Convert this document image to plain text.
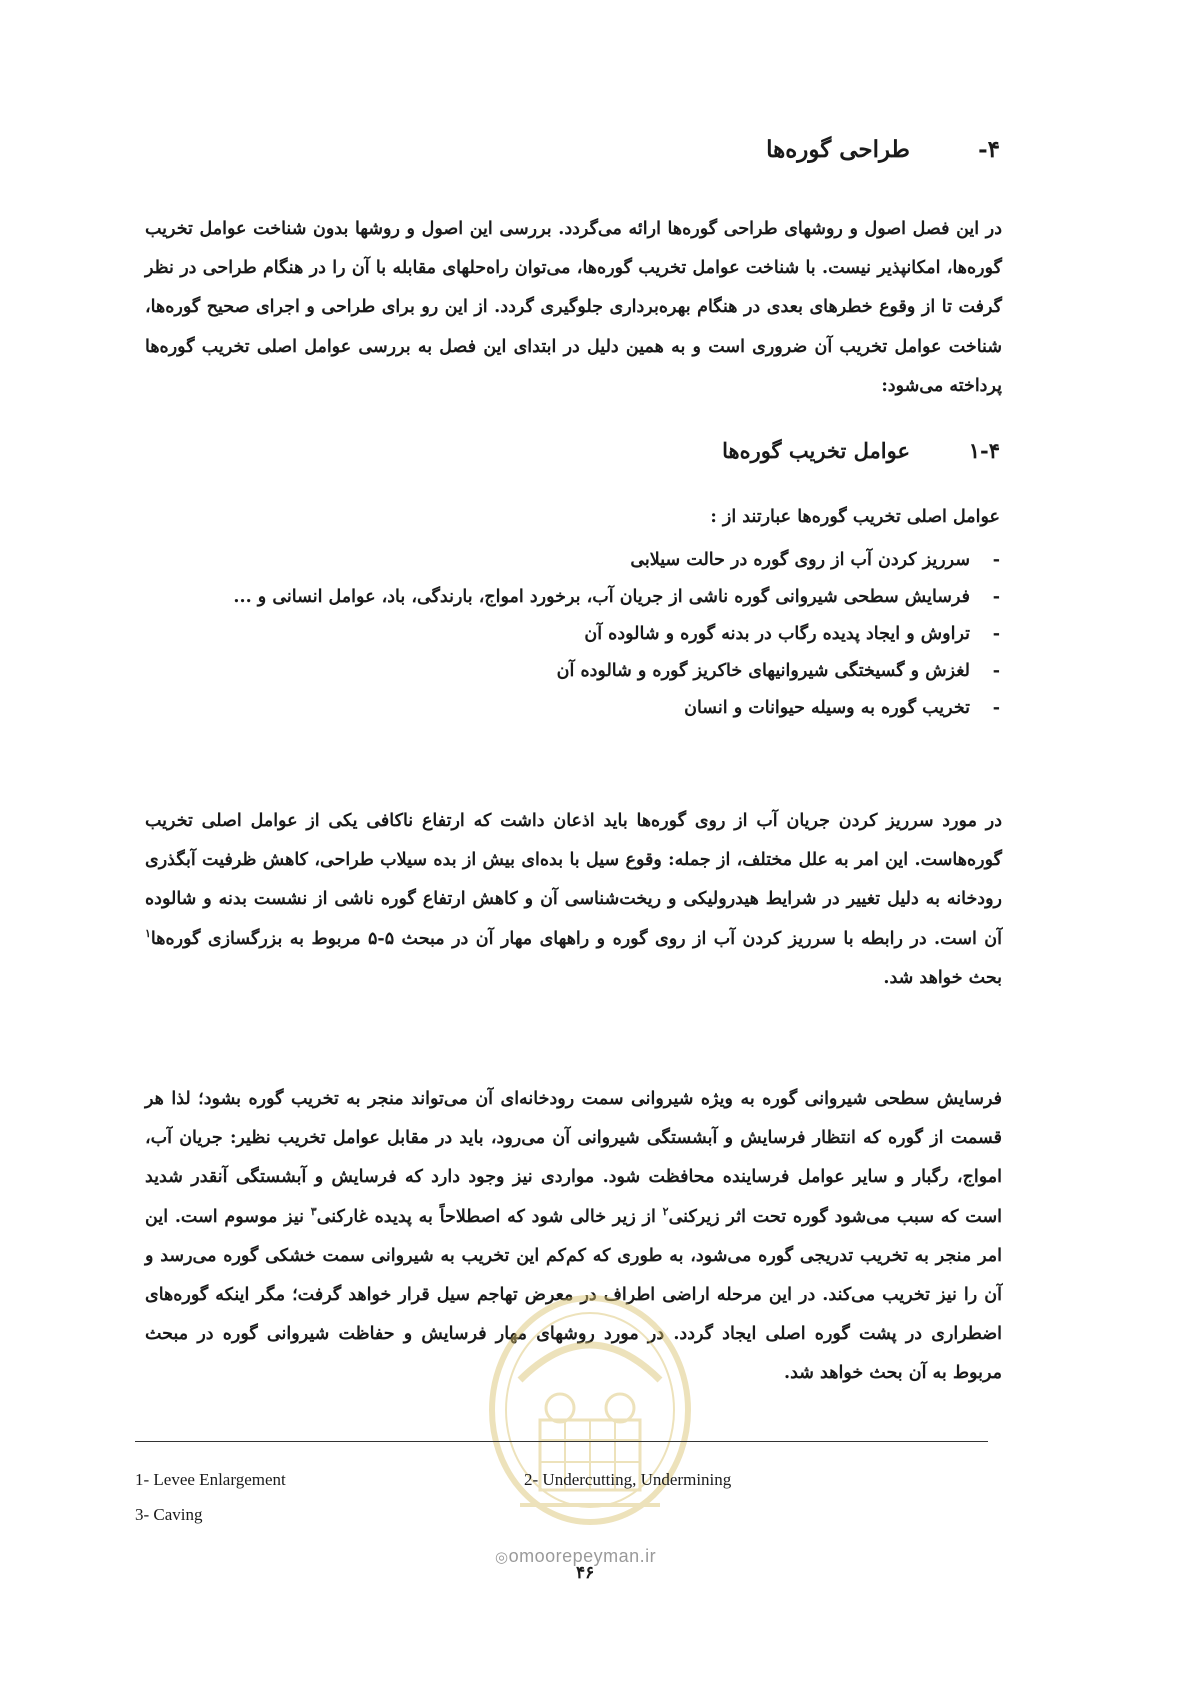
۴-طراحی گوره‌ها

در این فصل اصول و روشهای طراحی گوره‌ها ارائه می‌گردد. بررسی این اصول و روشها بدون شناخت عوامل تخریب گوره‌ها، امکانپذیر نیست. با شناخت عوامل تخریب گوره‌ها، می‌توان راه‌حلهای مقابله با آن را در هنگام طراحی در نظر گرفت تا از وقوع خطرهای بعدی در هنگام بهره‌برداری جلوگیری گردد. از این رو برای طراحی و اجرای صحیح گوره‌ها، شناخت عوامل تخریب آن ضروری است و به همین دلیل در ابتدای این فصل به بررسی عوامل اصلی تخریب گوره‌ها پرداخته می‌شود:

۱-۴عوامل تخریب گوره‌ها
عوامل اصلی تخریب گوره‌ها عبارتند از :
-سرریز کردن آب از روی گوره در حالت سیلابی
-فرسایش سطحی شیروانی گوره ناشی از جریان آب، برخورد امواج، بارندگی، باد، عوامل انسانی و ...
-تراوش و ایجاد پدیده رگاب در بدنه گوره و شالوده آن
-لغزش و گسیختگی شیروانیهای خاکریز گوره و شالوده آن
-تخریب گوره به وسیله حیوانات و انسان

در مورد سرریز کردن جریان آب از روی گوره‌ها باید اذعان داشت که ارتفاع ناکافی یکی از عوامل اصلی تخریب گوره‌هاست. این امر به علل مختلف، از جمله: وقوع سیل با بده‌ای بیش از بده سیلاب طراحی، کاهش ظرفیت آبگذری رودخانه به دلیل تغییر در شرایط هیدرولیکی و ریخت‌شناسی آن و کاهش ارتفاع گوره ناشی از نشست بدنه و شالوده آن است. در رابطه با سرریز کردن آب از روی گوره و راههای مهار آن در مبحث ۵-۵ مربوط به بزرگسازی گوره‌ها$^۱$ بحث خواهد شد.

فرسایش سطحی شیروانی گوره به ویژه شیروانی سمت رودخانه‌ای آن می‌تواند منجر به تخریب گوره بشود؛ لذا هر قسمت از گوره که انتظار فرسایش و آبشستگی شیروانی آن می‌رود، باید در مقابل عوامل تخریب نظیر: جریان آب، امواج، رگبار و سایر عوامل فرساینده محافظت شود. مواردی نیز وجود دارد که فرسایش و آبشستگی آنقدر شدید است که سبب می‌شود گوره تحت اثر زیرکنی$^۲$ از زیر خالی شود که اصطلاحاً به پدیده غارکنی$^۳$ نیز موسوم است. این امر منجر به تخریب تدریجی گوره می‌شود، به طوری که کم‌کم این تخریب به شیروانی سمت خشکی گوره می‌رسد و آن را نیز تخریب می‌کند. در این مرحله اراضی اطراف در معرض تهاجم سیل قرار خواهد گرفت؛ مگر اینکه گوره‌های اضطراری در پشت گوره اصلی ایجاد گردد. در مورد روشهای مهار فرسایش و حفاظت شیروانی گوره در مبحث مربوط به آن بحث خواهد شد.

1- Levee Enlargement	2- Undercutting, Undermining
3- Caving
◎omoorepeyman.ir
۴۶
